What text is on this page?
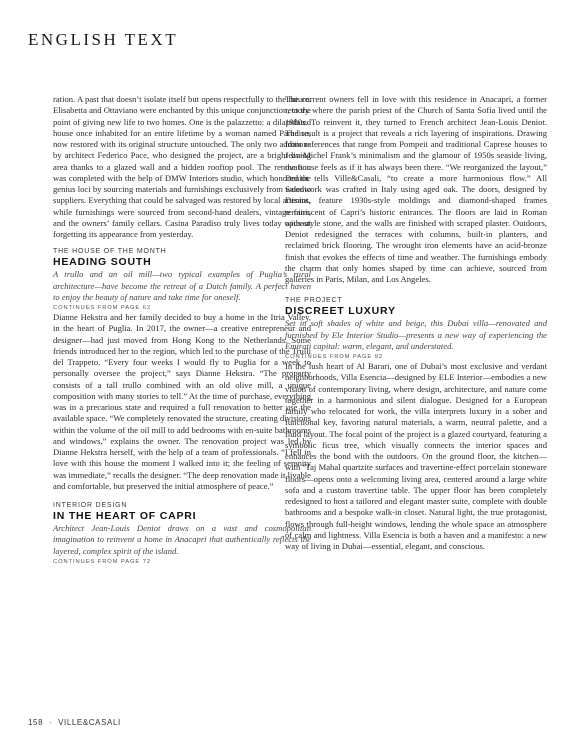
ENGLISH TEXT

ration. A past that doesn’t isolate itself but opens respectfully to the future. Elisabetta and Ottaviano were enchanted by this unique conjunction, to the point of giving new life to two homes. One is the palazzetto: a dilapidated house once inhabited for an entire lifetime by a woman named Paradiso, now restored with its original structure untouched. The only two additions by architect Federico Pace, who designed the project, are a bright living area thanks to a glazed wall and a hidden rooftop pool. The renovation was completed with the help of DMW Interiors studio, which honored the genius loci by sourcing materials and furnishings exclusively from Salento suppliers. Everything that could be salvaged was restored by local artisans, while furnishings were sourced from second-hand dealers, vintage fairs, and the owners’ family cellars. Casina Paradiso truly lives today without forgetting its appearance from yesterday.

THE HOUSE OF THE MONTH
HEADING SOUTH

A trullo and an oil mill—two typical examples of Puglia’s rural architecture—have become the retreat of a Dutch family. A perfect haven to enjoy the beauty of nature and take time for oneself.

CONTINUES FROM PAGE 62

Dianne Hekstra and her family decided to buy a home in the Itria Valley, in the heart of Puglia. In 2017, the owner—a creative entrepreneur and designer—had just moved from Hong Kong to the Netherlands. Some friends introduced her to the region, which led to the purchase of the Trulli del Trappeto. “Every four weeks I would fly to Puglia for a week to personally oversee the project,” says Dianne Hekstra. “The property consists of a tall trullo combined with an old olive mill, a unique composition with many stories to tell.” At the time of purchase, everything was in a precarious state and required a full renovation to better use the available space. “We completely renovated the structure, creating divisions within the volume of the oil mill to add bedrooms with en-suite bathrooms and windows,” explains the owner. The renovation project was led by Dianne Hekstra herself, with the help of a team of professionals. “I fell in love with this house the moment I walked into it; the feeling of serenity was immediate,” recalls the designer. “The deep renovation made it livable and comfortable, but preserved the initial atmosphere of peace.”

INTERIOR DESIGN
IN THE HEART OF CAPRI

Architect Jean-Louis Deniot draws on a vast and cosmopolitan imagination to reinvent a home in Anacapri that authentically reflects the layered, complex spirit of the island.

CONTINUES FROM PAGE 72

The current owners fell in love with this residence in Anacapri, a former rectory where the parish priest of the Church of Santa Sofia lived until the 1980s. To reinvent it, they turned to French architect Jean-Louis Deniot. The result is a project that reveals a rich layering of inspirations. Drawing from references that range from Pompeii and traditional Caprese houses to Jean-Michel Frank’s minimalism and the glamour of 1950s seaside living, the house feels as if it has always been there. “We reorganized the layout,” Deniot tells Ville&Casali, “to create a more harmonious flow.” All woodwork was crafted in Italy using aged oak. The doors, designed by Deniot, feature 1930s-style moldings and diamond-shaped frames reminiscent of Capri’s historic entrances. The floors are laid in Roman opus-style stone, and the walls are finished with scraped plaster. Outdoors, Deniot redesigned the terraces with columns, built-in planters, and reclaimed brick flooring. The wrought iron elements have an acid-bronze finish that evokes the effects of time and weather. The furnishings embody the charm that only homes shaped by time can achieve, sourced from galleries in Paris, Milan, and Los Angeles.

THE PROJECT
DISCREET LUXURY

Set in soft shades of white and beige, this Dubai villa—renovated and furnished by Ele Interior Studio—presents a new way of experiencing the Emirati capital: warm, elegant, and understated.

CONTINUES FROM PAGE 92

In the lush heart of Al Barari, one of Dubai’s most exclusive and verdant neighborhoods, Villa Esencia—designed by ELE Interior—embodies a new vision of contemporary living, where design, architecture, and nature come together in a harmonious and silent dialogue. Designed for a European family who relocated for work, the villa interprets luxury in a sober and functional key, favoring natural materials, a warm, neutral palette, and a fluid layout. The focal point of the project is a glazed courtyard, featuring a symbolic ficus tree, which visually connects the interior spaces and enhances the bond with the outdoors. On the ground floor, the kitchen—with ‘Taj Mahal quartzite surfaces and travertine-effect porcelain stoneware floors—opens onto a welcoming living area, centered around a large white sofa and a custom travertine table. The upper floor has been completely redesigned to host a tailored and elegant master suite, complete with double bathrooms and a bespoke walk-in closet. Natural light, the true protagonist, flows through full-height windows, lending the whole space an atmosphere of calm and lightness. Villa Esencia is both a haven and a manifesto: a new way of living in Dubai—essential, elegant, and conscious.

158 · VILLE&CASALI
